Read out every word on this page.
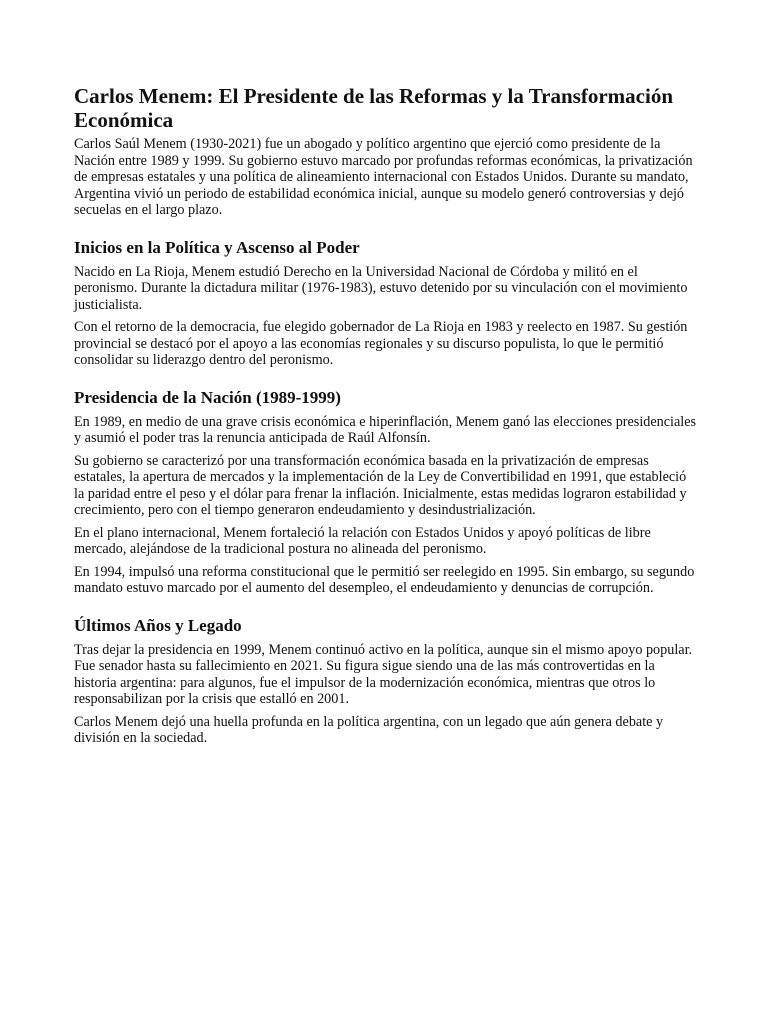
Carlos Menem: El Presidente de las Reformas y la Transformación Económica

Carlos Saúl Menem (1930-2021) fue un abogado y político argentino que ejerció como presidente de la Nación entre 1989 y 1999. Su gobierno estuvo marcado por profundas reformas económicas, la privatización de empresas estatales y una política de alineamiento internacional con Estados Unidos. Durante su mandato, Argentina vivió un periodo de estabilidad económica inicial, aunque su modelo generó controversias y dejó secuelas en el largo plazo.

Inicios en la Política y Ascenso al Poder

Nacido en La Rioja, Menem estudió Derecho en la Universidad Nacional de Córdoba y militó en el peronismo. Durante la dictadura militar (1976-1983), estuvo detenido por su vinculación con el movimiento justicialista.

Con el retorno de la democracia, fue elegido gobernador de La Rioja en 1983 y reelecto en 1987. Su gestión provincial se destacó por el apoyo a las economías regionales y su discurso populista, lo que le permitió consolidar su liderazgo dentro del peronismo.

Presidencia de la Nación (1989-1999)

En 1989, en medio de una grave crisis económica e hiperinflación, Menem ganó las elecciones presidenciales y asumió el poder tras la renuncia anticipada de Raúl Alfonsín.

Su gobierno se caracterizó por una transformación económica basada en la privatización de empresas estatales, la apertura de mercados y la implementación de la Ley de Convertibilidad en 1991, que estableció la paridad entre el peso y el dólar para frenar la inflación. Inicialmente, estas medidas lograron estabilidad y crecimiento, pero con el tiempo generaron endeudamiento y desindustrialización.

En el plano internacional, Menem fortaleció la relación con Estados Unidos y apoyó políticas de libre mercado, alejándose de la tradicional postura no alineada del peronismo.

En 1994, impulsó una reforma constitucional que le permitió ser reelegido en 1995. Sin embargo, su segundo mandato estuvo marcado por el aumento del desempleo, el endeudamiento y denuncias de corrupción.

Últimos Años y Legado

Tras dejar la presidencia en 1999, Menem continuó activo en la política, aunque sin el mismo apoyo popular. Fue senador hasta su fallecimiento en 2021. Su figura sigue siendo una de las más controvertidas en la historia argentina: para algunos, fue el impulsor de la modernización económica, mientras que otros lo responsabilizan por la crisis que estalló en 2001.

Carlos Menem dejó una huella profunda en la política argentina, con un legado que aún genera debate y división en la sociedad.
